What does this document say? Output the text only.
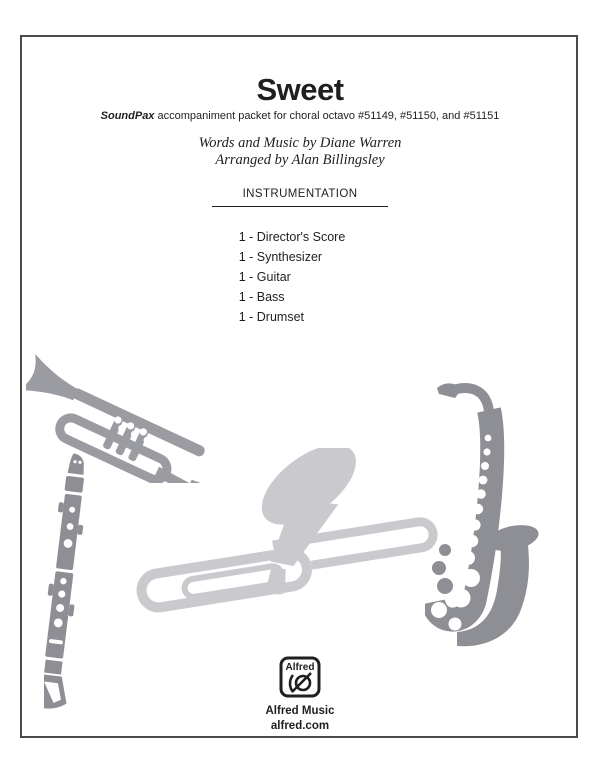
Sweet
SoundPax accompaniment packet for choral octavo #51149, #51150, and #51151
Words and Music by Diane Warren
Arranged by Alan Billingsley
INSTRUMENTATION
1 - Director's Score
1 - Synthesizer
1 - Guitar
1 - Bass
1 - Drumset
Alfred
Alfred Music
alfred.com
